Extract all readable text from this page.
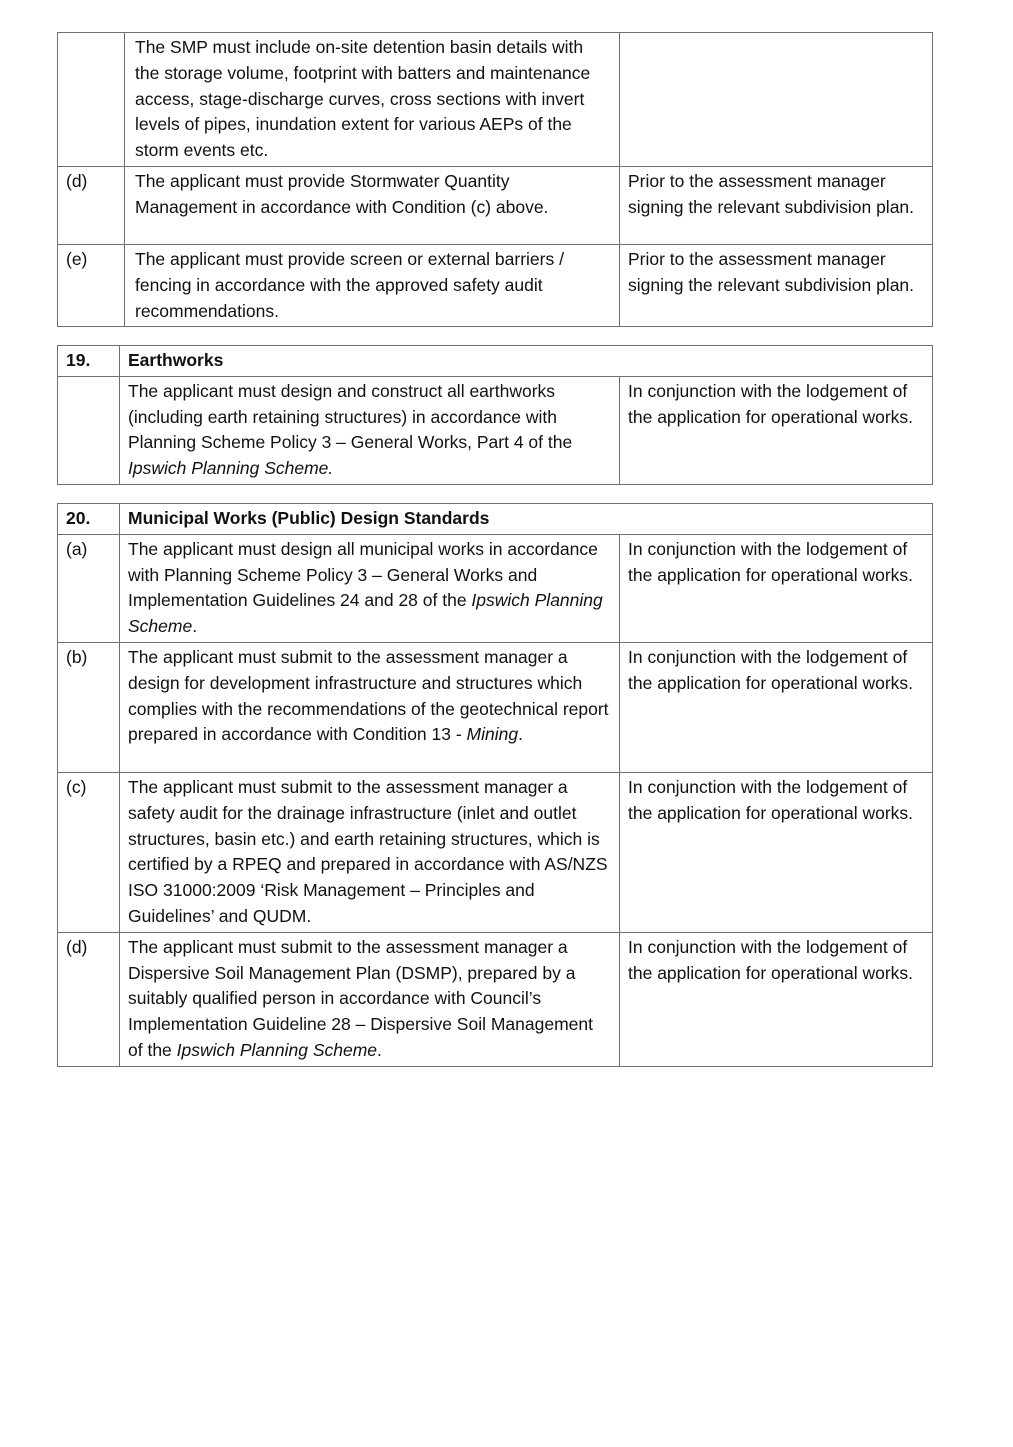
	The SMP must include on-site detention basin details with the storage volume, footprint with batters and maintenance access, stage-discharge curves, cross sections with invert levels of pipes, inundation extent for various AEPs of the storm events etc.	
(d)	The applicant must provide Stormwater Quantity Management in accordance with Condition (c) above.	Prior to the assessment manager signing the relevant subdivision plan.
(e)	The applicant must provide screen or external barriers / fencing in accordance with the approved safety audit recommendations.	Prior to the assessment manager signing the relevant subdivision plan.
19.	Earthworks	
	The applicant must design and construct all earthworks (including earth retaining structures) in accordance with Planning Scheme Policy 3 – General Works, Part 4 of the Ipswich Planning Scheme.	In conjunction with the lodgement of the application for operational works.
20.	Municipal Works (Public) Design Standards	
(a)	The applicant must design all municipal works in accordance with Planning Scheme Policy 3 – General Works and Implementation Guidelines 24 and 28 of the Ipswich Planning Scheme.	In conjunction with the lodgement of the application for operational works.
(b)	The applicant must submit to the assessment manager a design for development infrastructure and structures which complies with the recommendations of the geotechnical report prepared in accordance with Condition 13 - Mining.	In conjunction with the lodgement of the application for operational works.
(c)	The applicant must submit to the assessment manager a safety audit for the drainage infrastructure (inlet and outlet structures, basin etc.) and earth retaining structures, which is certified by a RPEQ and prepared in accordance with AS/NZS ISO 31000:2009 ‘Risk Management – Principles and Guidelines’ and QUDM.	In conjunction with the lodgement of the application for operational works.
(d)	The applicant must submit to the assessment manager a Dispersive Soil Management Plan (DSMP), prepared by a suitably qualified person in accordance with Council’s Implementation Guideline 28 – Dispersive Soil Management of the Ipswich Planning Scheme.	In conjunction with the lodgement of the application for operational works.
